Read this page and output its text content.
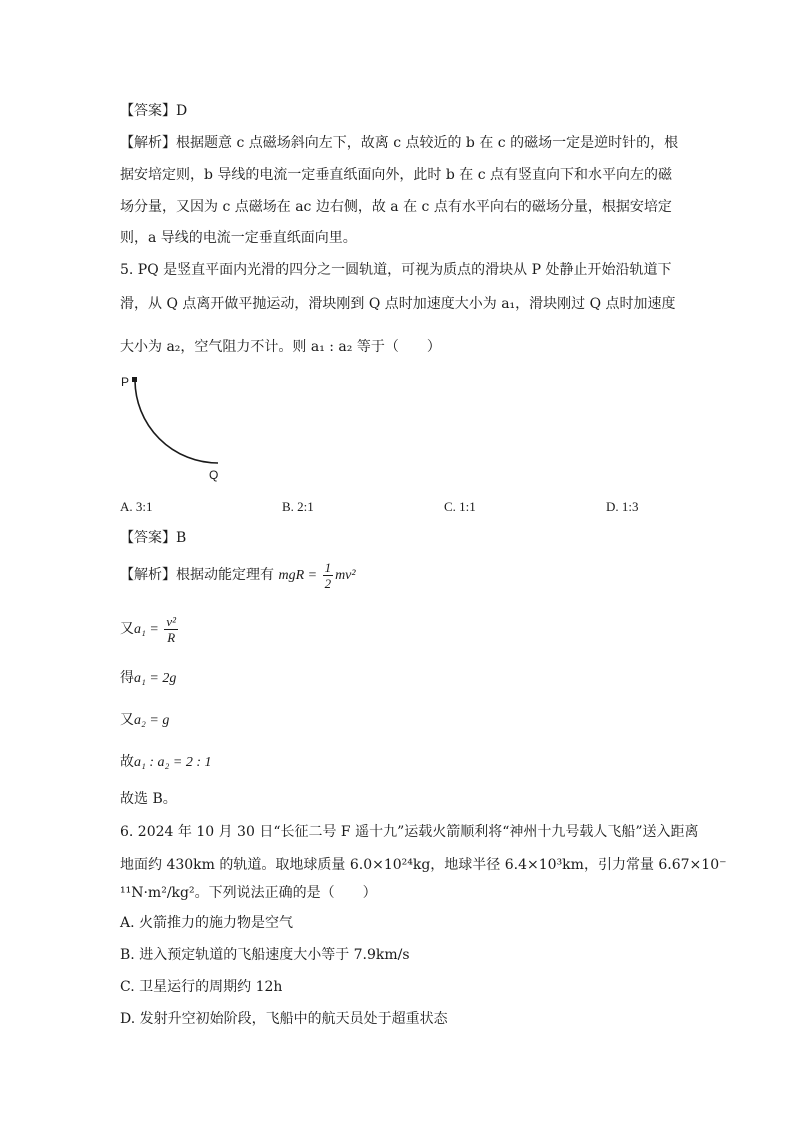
【答案】D
【解析】根据题意 c 点磁场斜向左下，故离 c 点较近的 b 在 c 的磁场一定是逆时针的，根
据安培定则，b 导线的电流一定垂直纸面向外，此时 b 在 c 点有竖直向下和水平向左的磁
场分量，又因为 c 点磁场在 ac 边右侧，故 a 在 c 点有水平向右的磁场分量，根据安培定
则，a 导线的电流一定垂直纸面向里。
5. PQ 是竖直平面内光滑的四分之一圆轨道，可视为质点的滑块从 P 处静止开始沿轨道下
滑，从 Q 点离开做平抛运动，滑块刚到 Q 点时加速度大小为 a₁，滑块刚过 Q 点时加速度
大小为 a₂，空气阻力不计。则 a₁ : a₂ 等于（　　）
P
Q
A. 3:1	B. 2:1	C. 1:1	D. 1:3
【答案】B
【解析】根据动能定理有 mgR = $\frac{1}{2} mv^2$
又$a_1 = \frac{\text{v²}}{R}$
得a₁ = 2g
又a₂ = g
故a₁ : a₂ = 2 : 1
故选 B。
6. 2024 年 10 月 30 日“长征二号 F 遥十九”运载火箭顺利将“神州十九号载人飞船”送入距离
地面约 430km 的轨道。取地球质量 6.0×10²⁴kg，地球半径 6.4×10³km，引力常量 6.67×10⁻
¹¹N·m²/kg²。下列说法正确的是（　　）
A. 火箭推力的施力物是空气
B. 进入预定轨道的飞船速度大小等于 7.9km/s
C. 卫星运行的周期约 12h
D. 发射升空初始阶段，飞船中的航天员处于超重状态
